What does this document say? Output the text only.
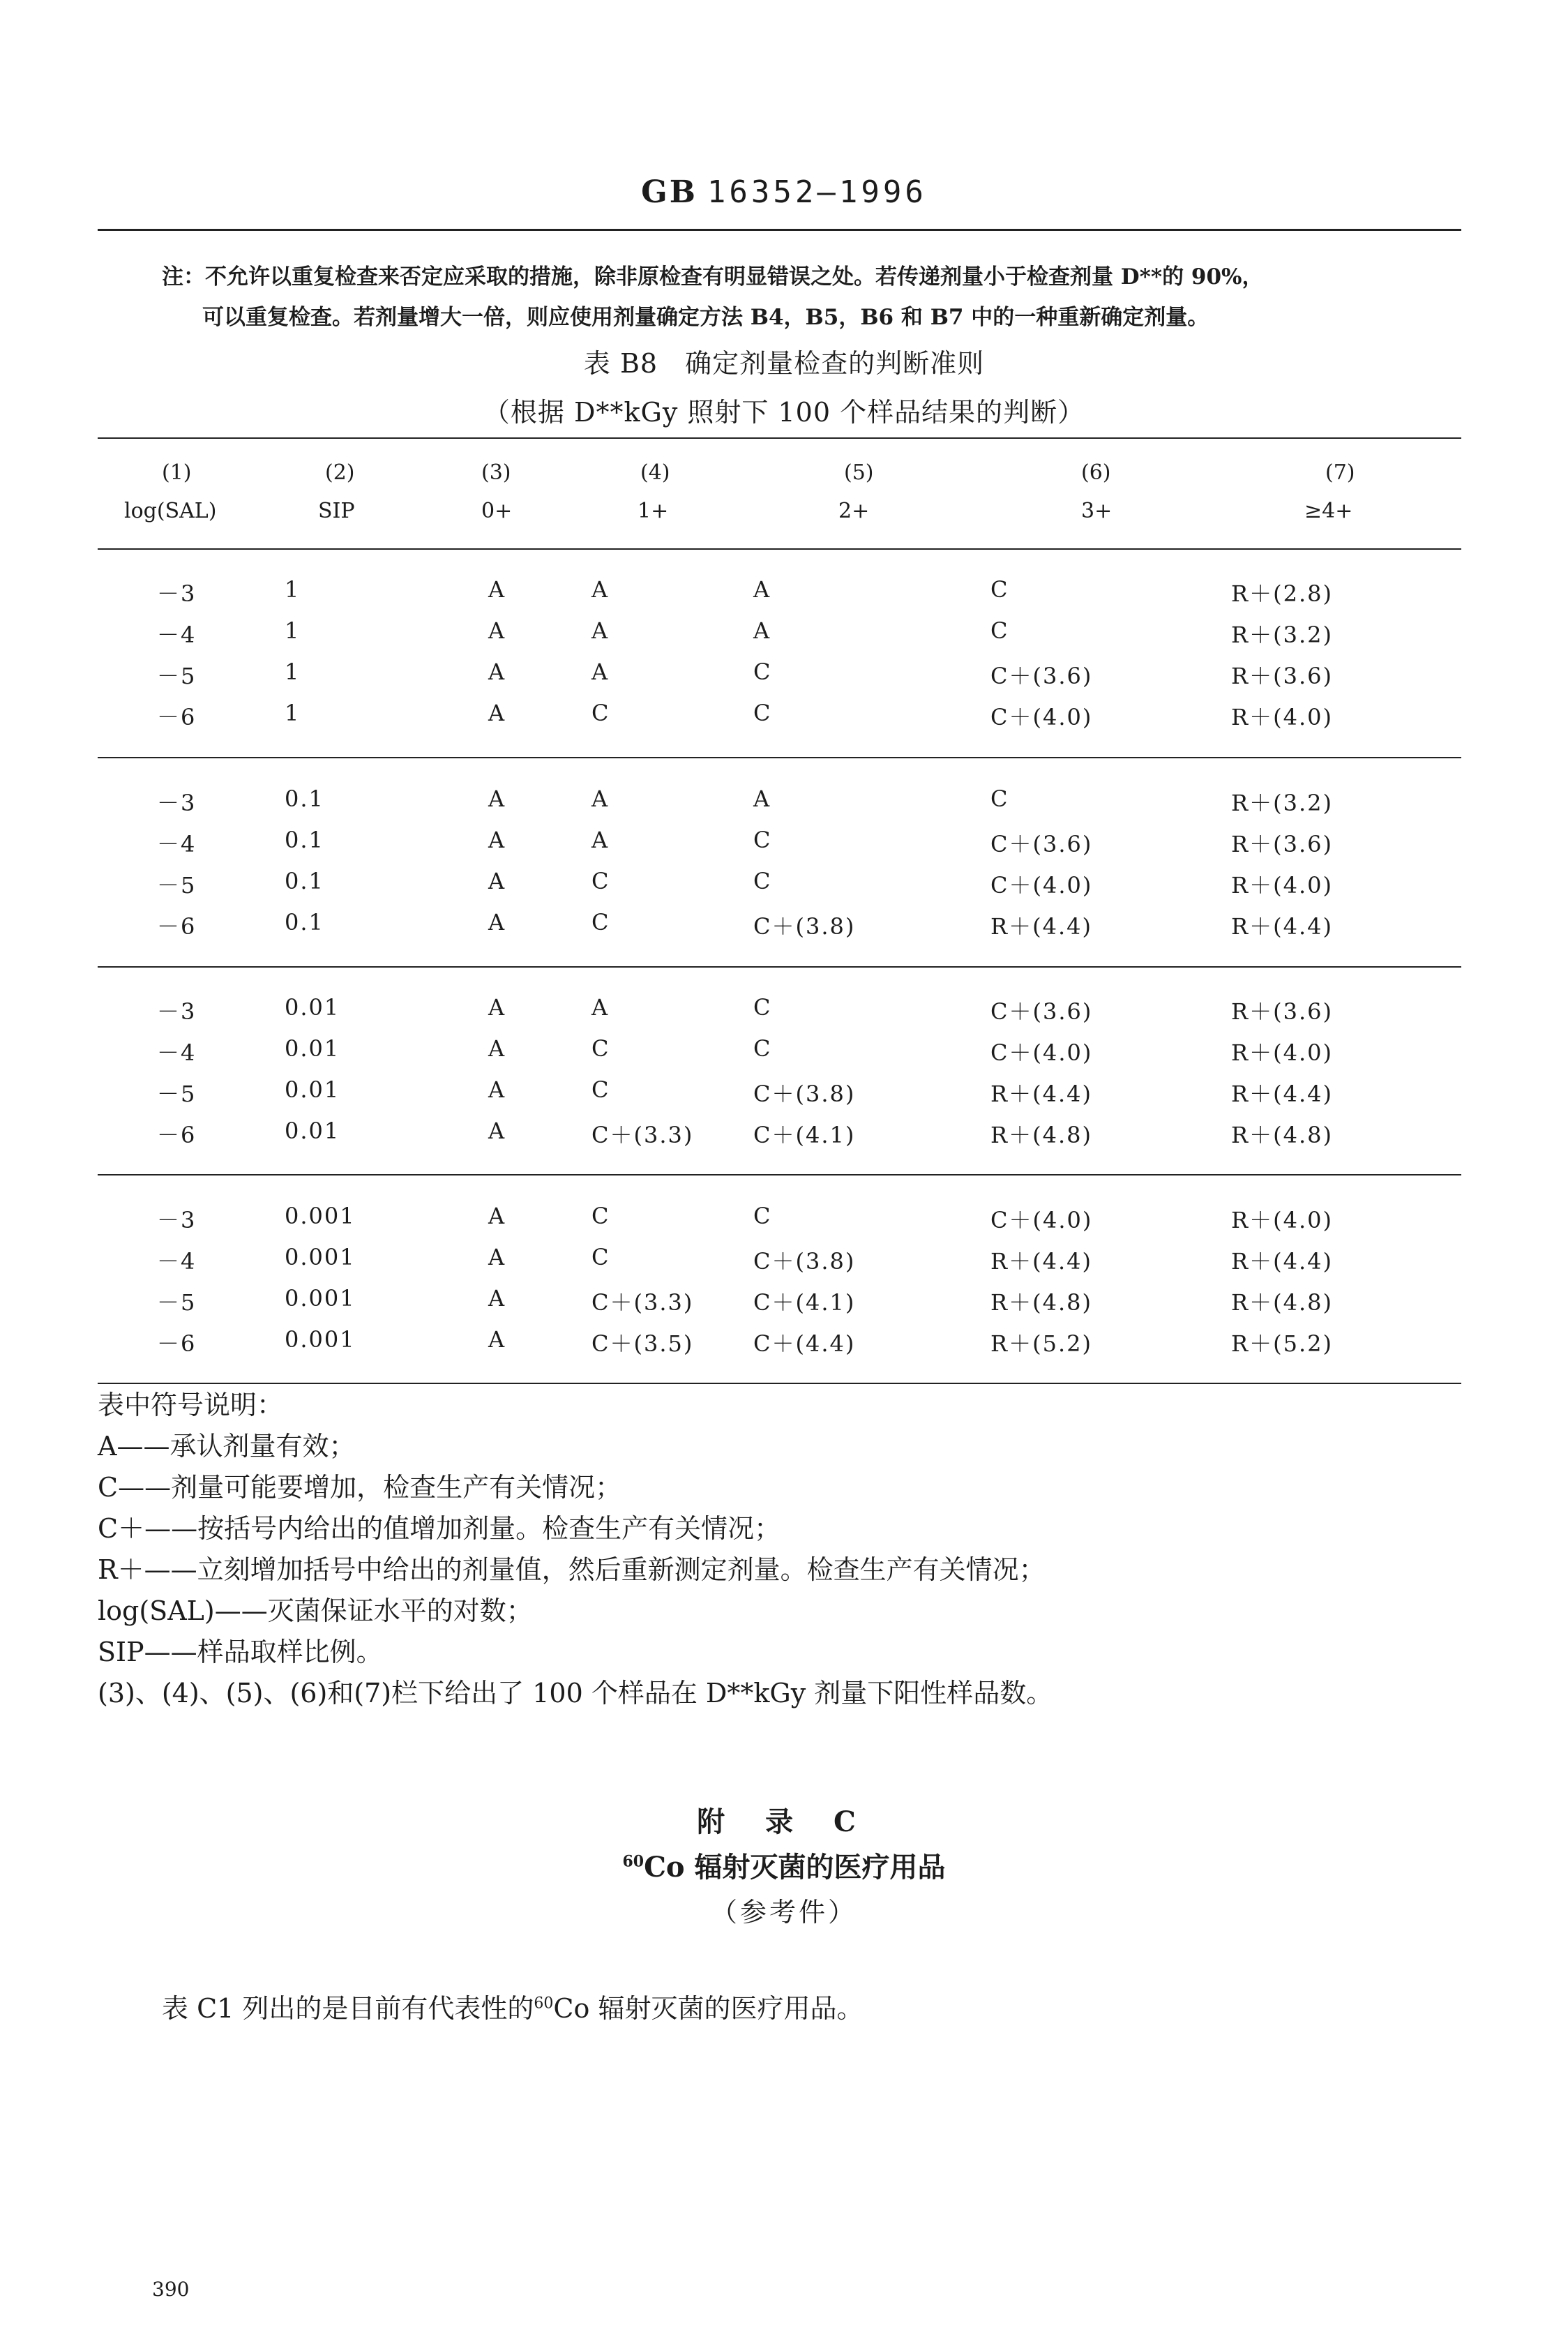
GB 16352—1996
注：不允许以重复检查来否定应采取的措施，除非原检查有明显错误之处。若传递剂量小于检查剂量 D**的 90%，
可以重复检查。若剂量增大一倍，则应使用剂量确定方法 B4，B5，B6 和 B7 中的一种重新确定剂量。
表 B8　确定剂量检查的判断准则
（根据 D**kGy 照射下 100 个样品结果的判断）
(1)	(2)	(3)	(4)	(5)	(6)	(7)
log(SAL)	SIP	0+	1+	2+	3+	≥4+
－3	1	A	A	A	C	R＋(2.8)
－4	1	A	A	A	C	R＋(3.2)
－5	1	A	A	C	C＋(3.6)	R＋(3.6)
－6	1	A	C	C	C＋(4.0)	R＋(4.0)
－3	0.1	A	A	A	C	R＋(3.2)
－4	0.1	A	A	C	C＋(3.6)	R＋(3.6)
－5	0.1	A	C	C	C＋(4.0)	R＋(4.0)
－6	0.1	A	C	C＋(3.8)	R＋(4.4)	R＋(4.4)
－3	0.01	A	A	C	C＋(3.6)	R＋(3.6)
－4	0.01	A	C	C	C＋(4.0)	R＋(4.0)
－5	0.01	A	C	C＋(3.8)	R＋(4.4)	R＋(4.4)
－6	0.01	A	C＋(3.3)	C＋(4.1)	R＋(4.8)	R＋(4.8)
－3	0.001	A	C	C	C＋(4.0)	R＋(4.0)
－4	0.001	A	C	C＋(3.8)	R＋(4.4)	R＋(4.4)
－5	0.001	A	C＋(3.3)	C＋(4.1)	R＋(4.8)	R＋(4.8)
－6	0.001	A	C＋(3.5)	C＋(4.4)	R＋(5.2)	R＋(5.2)
表中符号说明：
A——承认剂量有效；
C——剂量可能要增加，检查生产有关情况；
C＋——按括号内给出的值增加剂量。检查生产有关情况；
R＋——立刻增加括号中给出的剂量值，然后重新测定剂量。检查生产有关情况；
log(SAL)——灭菌保证水平的对数；
SIP——样品取样比例。
(3)、(4)、(5)、(6)和(7)栏下给出了 100 个样品在 D**kGy 剂量下阳性样品数。
附 录 C
$^{60}$Co 辐射灭菌的医疗用品
（参考件）
表 C1 列出的是目前有代表性的$^{60}$Co 辐射灭菌的医疗用品。
390
